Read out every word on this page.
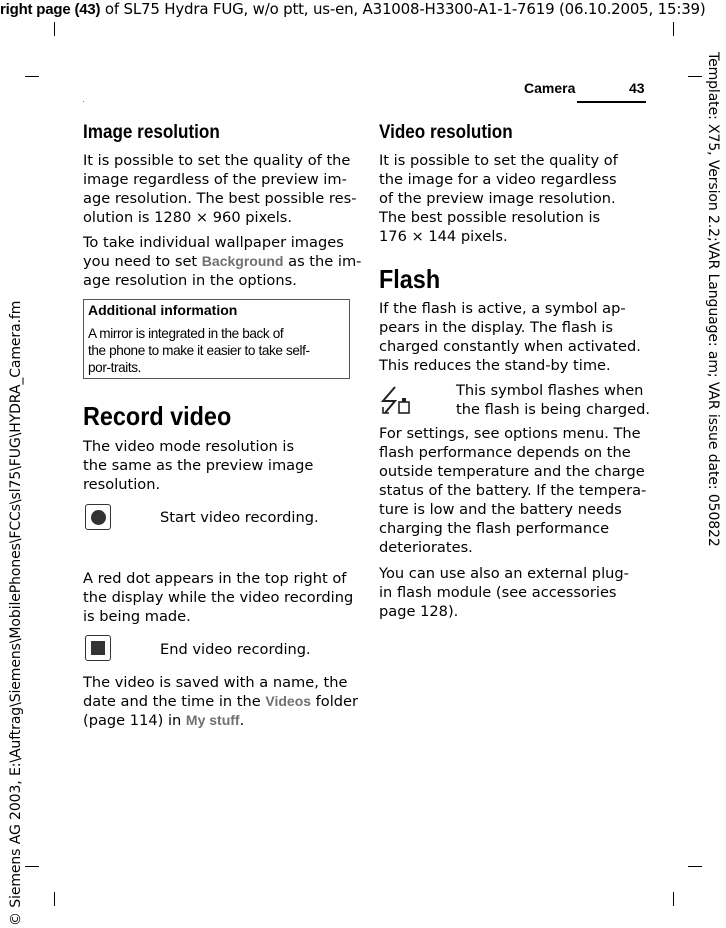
right page (43) of SL75 Hydra FUG, w/o ptt, us-en, A31008-H3300-A1-1-7619 (06.10.2005, 15:39)
Template: X75, Version 2.2;VAR Language: am; VAR issue date: 050822
© Siemens AG 2003, E:\Auftrag\Siemens\MobilePhones\FCCs\sl75\FUG\HYDRA_Camera.fm
Camera	43
Image resolution
It is possible to set the quality of the
image regardless of the preview im-
age resolution. The best possible res-
olution is 1280 × 960 pixels.
To take individual wallpaper images
you need to set Background as the im-
age resolution in the options.
Additional information
A mirror is integrated in the back of
the phone to make it easier to take self-
por-traits.
Record video
The video mode resolution is
the same as the preview image
resolution.
Start video recording.
A red dot appears in the top right of
the display while the video recording
is being made.
End video recording.
The video is saved with a name, the
date and the time in the Videos folder
(page 114) in My stuff.
Video resolution
It is possible to set the quality of
the image for a video regardless
of the preview image resolution.
The best possible resolution is
176 × 144 pixels.
Flash
If the flash is active, a symbol ap-
pears in the display. The flash is
charged constantly when activated.
This reduces the stand-by time.
This symbol flashes when
the flash is being charged.
For settings, see options menu. The
flash performance depends on the
outside temperature and the charge
status of the battery. If the tempera-
ture is low and the battery needs
charging the flash performance
deteriorates.
You can use also an external plug-
in flash module (see accessories
page 128).
